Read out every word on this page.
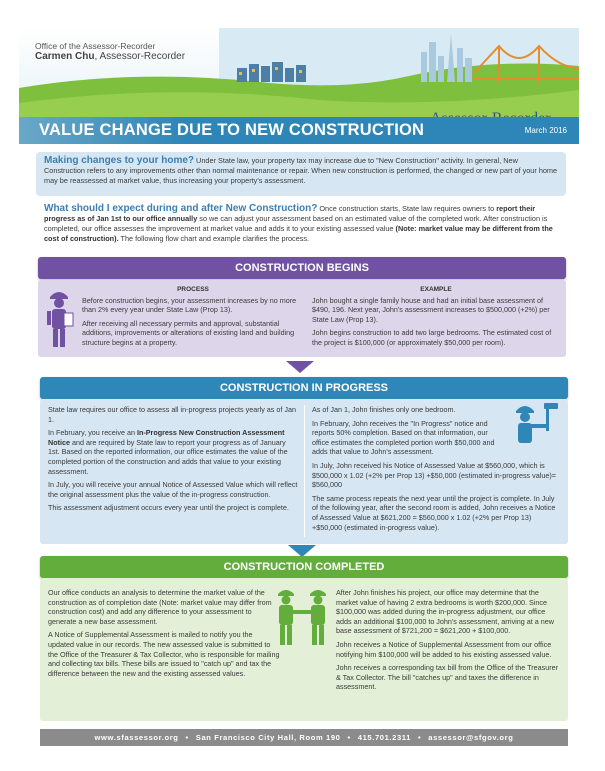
Office of the Assessor-Recorder
Carmen Chu, Assessor-Recorder
VALUE CHANGE DUE TO NEW CONSTRUCTION	March 2016
Making changes to your home? Under State law, your property tax may increase due to "New Construction" activity. In general, New Construction refers to any improvements other than normal maintenance or repair. When new construction is performed, the changed or new part of your home may be reassessed at market value, thus increasing your property's assessment.
What should I expect during and after New Construction? Once construction starts, State law requires owners to report their progress as of Jan 1st to our office annually so we can adjust your assessment based on an estimated value of the completed work. After construction is completed, our office assesses the improvement at market value and adds it to your existing assessed value (Note: market value may be different from the cost of construction). The following flow chart and example clarifies the process.
CONSTRUCTION BEGINS

PROCESS

Before construction begins, your assessment increases by no more than 2% every year under State Law (Prop 13).

After receiving all necessary permits and approval, substantial additions, improvements or alterations of existing land and building structure begins at a property.

EXAMPLE

John bought a single family house and had an initial base assessment of $490, 196. Next year, John's assessment increases to $500,000 (+2%) per State Law (Prop 13).

John begins construction to add two large bedrooms. The estimated cost of the project is $100,000 (or approximately $50,000 per room).

CONSTRUCTION IN PROGRESS

State law requires our office to assess all in-progress projects yearly as of Jan 1.

In February, you receive an In-Progress New Construction Assessment Notice and are required by State law to report your progress as of January 1st. Based on the reported information, our office estimates the value of the completed portion of the construction and adds that value to your existing assessment.

In July, you will receive your annual Notice of Assessed Value which will reflect the original assessment plus the value of the in-progress construction.

This assessment adjustment occurs every year until the project is complete.

As of Jan 1, John finishes only one bedroom.

In February, John receives the "In Progress" notice and reports 50% completion. Based on that information, our office estimates the completed portion worth $50,000 and adds that value to John's assessment.

In July, John received his Notice of Assessed Value at $560,000, which is $500,000 x 1.02 (+2% per Prop 13) +$50,000 (estimated in-progress value)= $560,000

The same process repeats the next year until the project is complete. In July of the following year, after the second room is added, John receives a Notice of Assessed Value at $621,200 = $560,000 x 1.02 (+2% per Prop 13) +$50,000 (estimated in-progress value).

CONSTRUCTION COMPLETED

Our office conducts an analysis to determine the market value of the construction as of completion date (Note: market value may differ from construction cost) and add any difference to your assessment to generate a new base assessment.

A Notice of Supplemental Assessment is mailed to notify you the updated value in our records. The new assessed value is submitted to the Office of the Treasurer & Tax Collector, who is responsible for mailing and collecting tax bills. These bills are issued to "catch up" and tax the difference between the new and the existing assessed values.

After John finishes his project, our office may determine that the market value of having 2 extra bedrooms is worth $200,000. Since $100,000 was added during the in-progress adjustment, our office adds an additional $100,000 to John's assessment, arriving at a new base assessment of $721,200 = $621,200 + $100,000.

John receives a Notice of Supplemental Assessment from our office notifying him $100,000 will be added to his existing assessed value.

John receives a corresponding tax bill from the Office of the Treasurer & Tax Collector. The bill "catches up" and taxes the difference in assessment.

www.sfassessor.org • San Francisco City Hall, Room 190 • 415.701.2311 • assessor@sfgov.org
